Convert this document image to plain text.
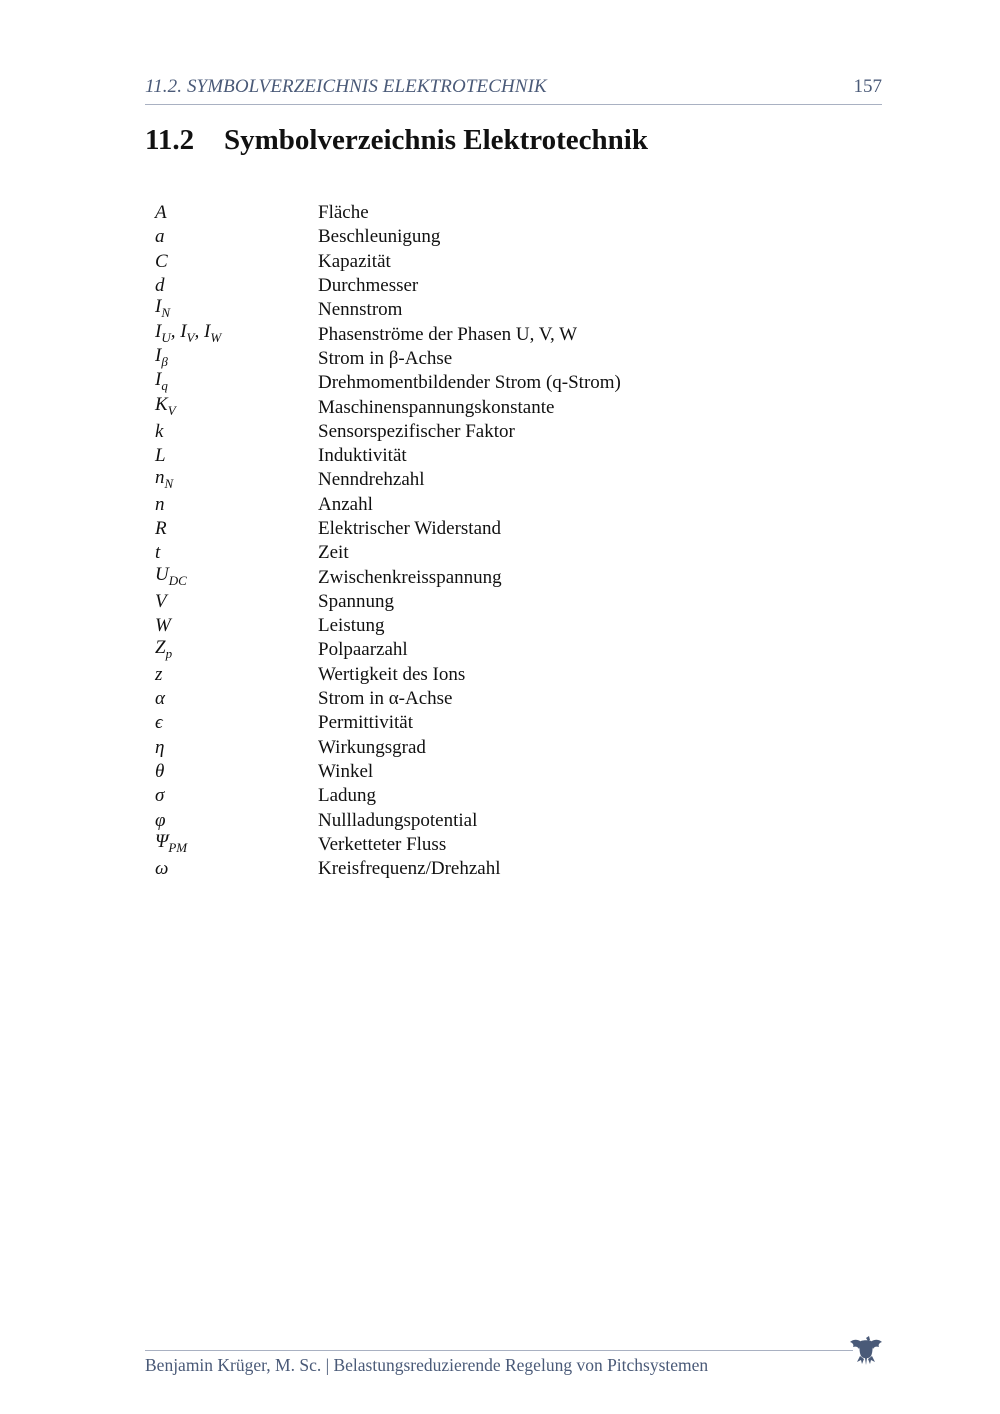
11.2. SYMBOLVERZEICHNIS ELEKTROTECHNIK	157
11.2 Symbolverzeichnis Elektrotechnik
A	Fläche
a	Beschleunigung
C	Kapazität
d	Durchmesser
$I_N$	Nennstrom
$I_U$, $I_V$, $I_W$	Phasenströme der Phasen U, V, W
$I_\beta$	Strom in β-Achse
$I_q$	Drehmomentbildender Strom (q-Strom)
$K_V$	Maschinenspannungskonstante
k	Sensorspezifischer Faktor
L	Induktivität
$n_N$	Nenndrehzahl
n	Anzahl
R	Elektrischer Widerstand
t	Zeit
$U_{DC}$	Zwischenkreisspannung
V	Spannung
W	Leistung
$Z_p$	Polpaarzahl
z	Wertigkeit des Ions
α	Strom in α-Achse
ϵ	Permittivität
η	Wirkungsgrad
θ	Winkel
σ	Ladung
φ	Nullladungspotential
$\Psi_{PM}$	Verketteter Fluss
ω	Kreisfrequenz/Drehzahl
Benjamin Krüger, M. Sc. | Belastungsreduzierende Regelung von Pitchsystemen
